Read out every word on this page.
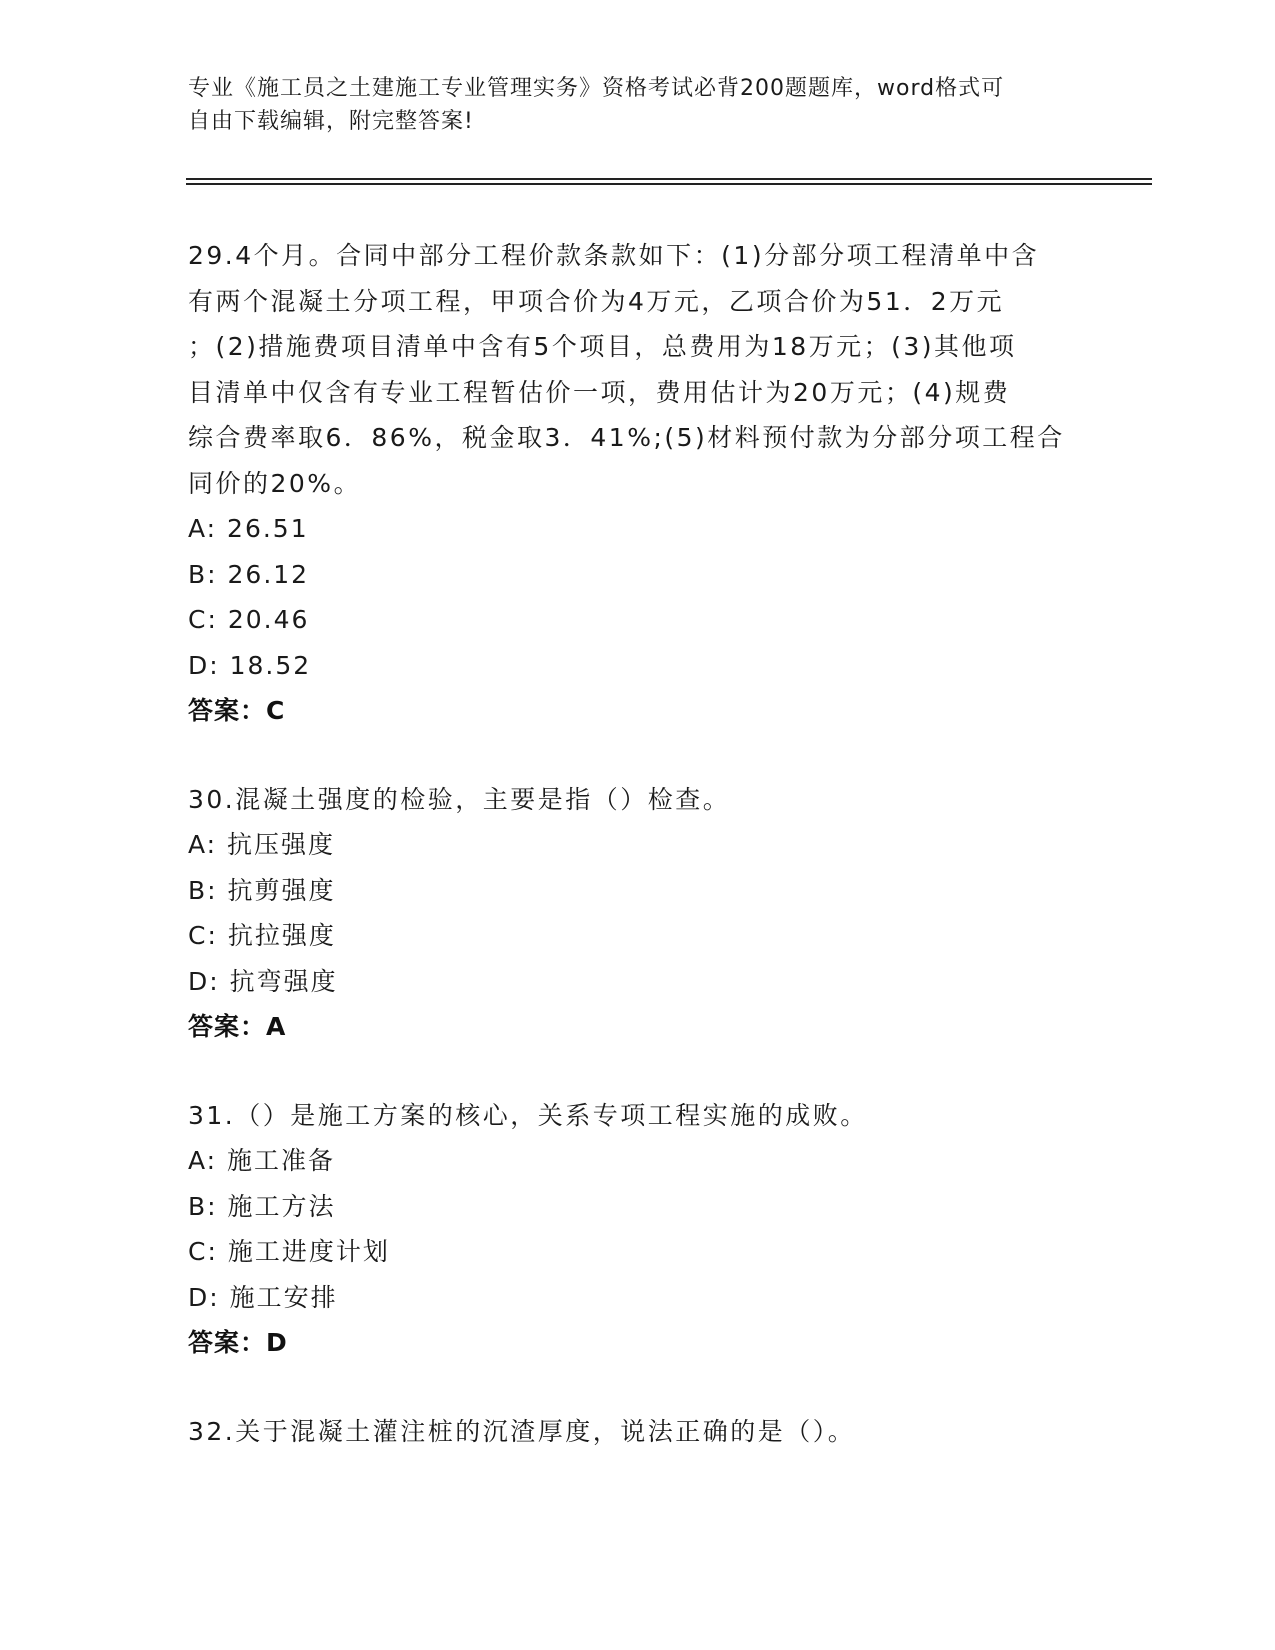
专业《施工员之土建施工专业管理实务》资格考试必背200题题库，word格式可
自由下载编辑，附完整答案!
29.4个月。合同中部分工程价款条款如下：(1)分部分项工程清单中含
有两个混凝土分项工程，甲项合价为4万元，乙项合价为51．2万元
；(2)措施费项目清单中含有5个项目，总费用为18万元；(3)其他项
目清单中仅含有专业工程暂估价一项，费用估计为20万元；(4)规费
综合费率取6．86%，税金取3．41%;(5)材料预付款为分部分项工程合
同价的20%。
A: 26.51
B: 26.12
C: 20.46
D: 18.52
答案：C
30.混凝土强度的检验，主要是指（）检查。
A: 抗压强度
B: 抗剪强度
C: 抗拉强度
D: 抗弯强度
答案：A
31.（）是施工方案的核心，关系专项工程实施的成败。
A: 施工准备
B: 施工方法
C: 施工进度计划
D: 施工安排
答案：D
32.关于混凝土灌注桩的沉渣厚度，说法正确的是（）。
